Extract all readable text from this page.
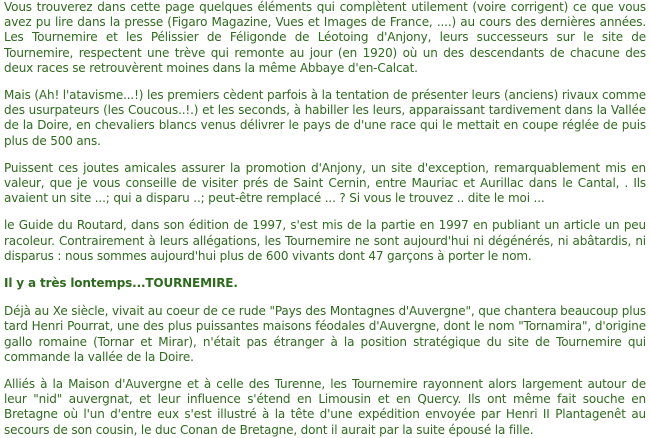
Vous trouverez dans cette page quelques éléments qui complètent utilement (voire corrigent) ce que vous avez pu lire dans la presse (Figaro Magazine, Vues et Images de France, ....) au cours des dernières années. Les Tournemire et les Pélissier de Féligonde de Léotoing d'Anjony, leurs successeurs sur le site de Tournemire, respectent une trève qui remonte au jour (en 1920) où un des descendants de chacune des deux races se retrouvèrent moines dans la même Abbaye d'en-Calcat.

Mais (Ah! l'atavisme...!) les premiers cèdent parfois à la tentation de présenter leurs (anciens) rivaux comme des usurpateurs (les Coucous..!.) et les seconds, à habiller les leurs, apparaissant tardivement dans la Vallée de la Doire, en chevaliers blancs venus délivrer le pays de d'une race qui le mettait en coupe réglée de puis plus de 500 ans.

Puissent ces joutes amicales assurer la promotion d'Anjony, un site d'exception, remarquablement mis en valeur, que je vous conseille de visiter prés de Saint Cernin, entre Mauriac et Aurillac dans le Cantal, . Ils avaient un site ...; qui a disparu ..; peut-être remplacé ... ? Si vous le trouvez .. dite le moi ...

le Guide du Routard, dans son édition de 1997, s'est mis de la partie en 1997 en publiant un article un peu racoleur. Contrairement à leurs allégations, les Tournemire ne sont aujourd'hui ni dégénérés, ni abâtardis, ni disparus : nous sommes aujourd'hui plus de 600 vivants dont 47 garçons à porter le nom.

Il y a très lontemps...TOURNEMIRE.

Déjà au Xe siècle, vivait au coeur de ce rude "Pays des Montagnes d'Auvergne", que chantera beaucoup plus tard Henri Pourrat, une des plus puissantes maisons féodales d'Auvergne, dont le nom "Tornamira", d'origine gallo romaine (Tornar et Mirar), n'était pas étranger à la position stratégique du site de Tournemire qui commande la vallée de la Doire.

Alliés à la Maison d'Auvergne et à celle des Turenne, les Tournemire rayonnent alors largement autour de leur "nid" auvergnat, et leur influence s'étend en Limousin et en Quercy. Ils ont même fait souche en Bretagne où l'un d'entre eux s'est illustré à la tête d'une expédition envoyée par Henri II Plantagenêt au secours de son cousin, le duc Conan de Bretagne, dont il aurait par la suite épousé la fille.
